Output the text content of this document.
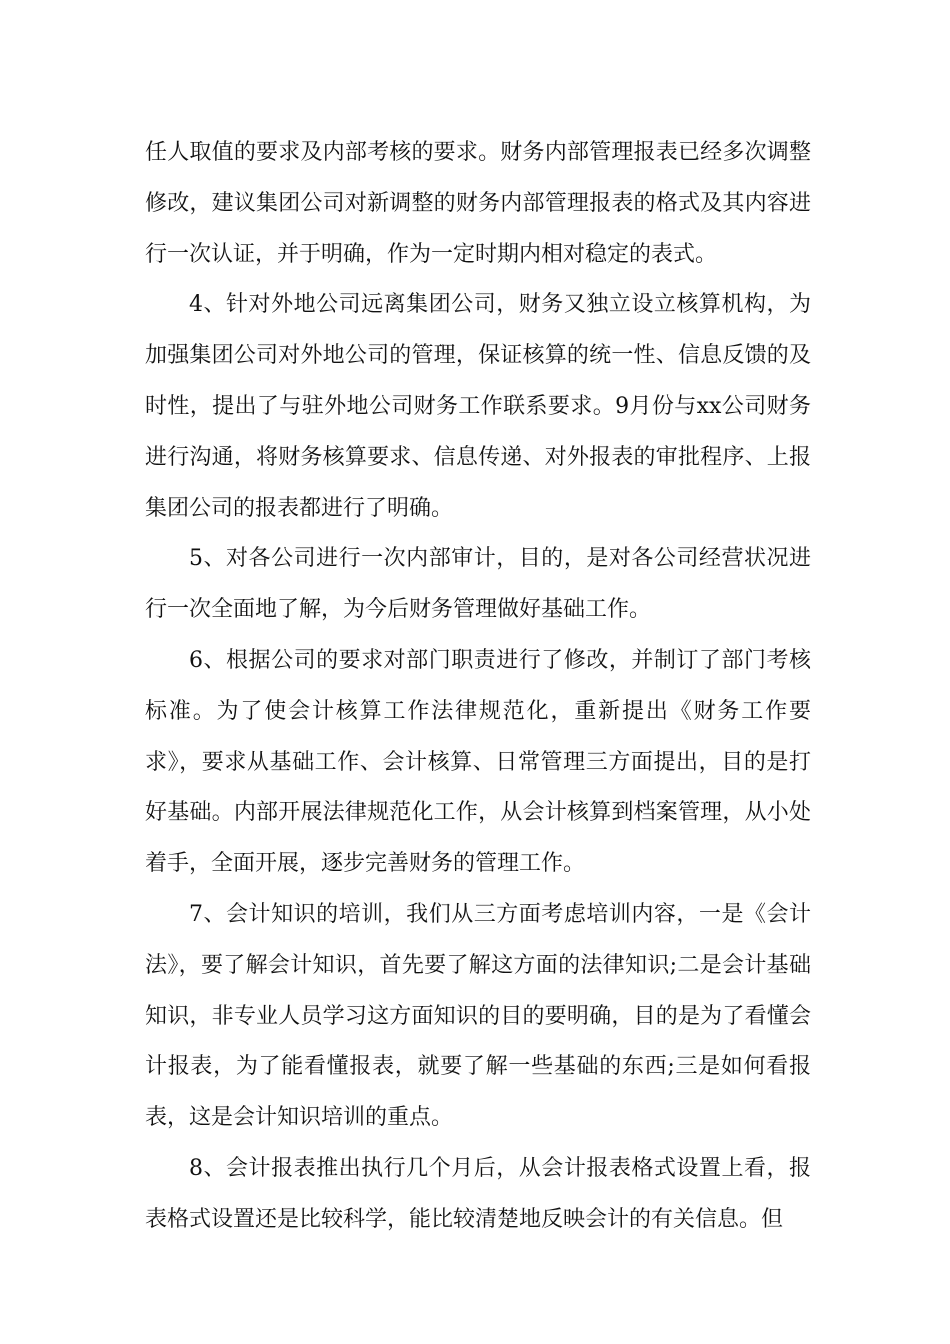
任人取值的要求及内部考核的要求。财务内部管理报表已经多次调整修改，建议集团公司对新调整的财务内部管理报表的格式及其内容进行一次认证，并于明确，作为一定时期内相对稳定的表式。

4、针对外地公司远离集团公司，财务又独立设立核算机构，为加强集团公司对外地公司的管理，保证核算的统一性、信息反馈的及时性，提出了与驻外地公司财务工作联系要求。9月份与xx公司财务进行沟通，将财务核算要求、信息传递、对外报表的审批程序、上报集团公司的报表都进行了明确。

5、对各公司进行一次内部审计，目的，是对各公司经营状况进行一次全面地了解，为今后财务管理做好基础工作。

6、根据公司的要求对部门职责进行了修改，并制订了部门考核标准。为了使会计核算工作法律规范化，重新提出《财务工作要求》，要求从基础工作、会计核算、日常管理三方面提出，目的是打好基础。内部开展法律规范化工作，从会计核算到档案管理，从小处着手，全面开展，逐步完善财务的管理工作。

7、会计知识的培训，我们从三方面考虑培训内容，一是《会计法》，要了解会计知识，首先要了解这方面的法律知识;二是会计基础知识，非专业人员学习这方面知识的目的要明确，目的是为了看懂会计报表，为了能看懂报表，就要了解一些基础的东西;三是如何看报表，这是会计知识培训的重点。

8、会计报表推出执行几个月后，从会计报表格式设置上看，报表格式设置还是比较科学，能比较清楚地反映会计的有关信息。但
